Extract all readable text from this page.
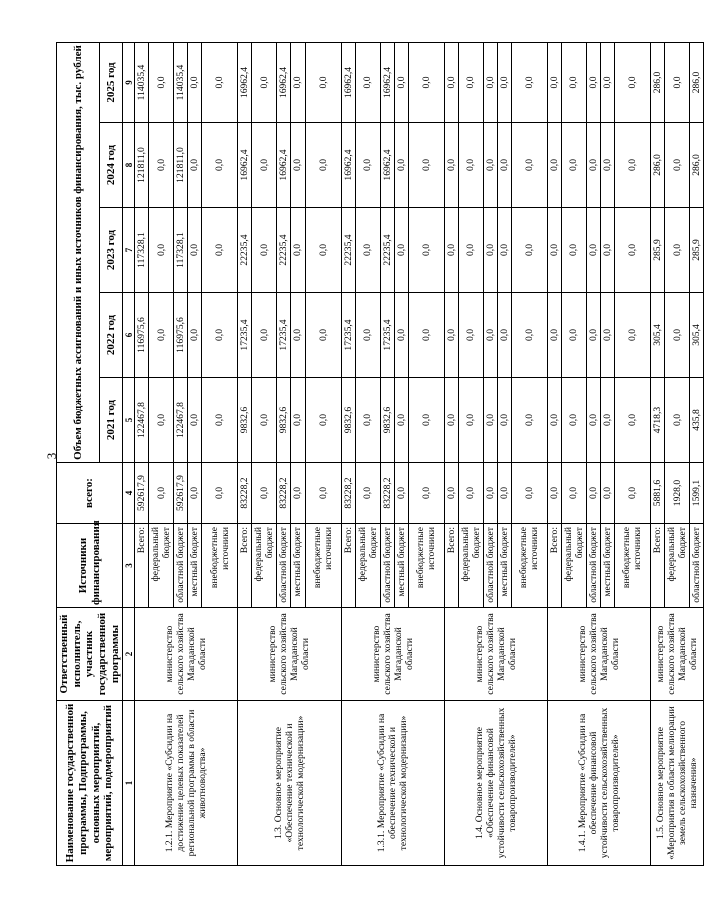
3
Наименование государственной программы, Подпрограммы, основных мероприятий, мероприятий, подмероприятий	Ответственный исполнитель, участник государственной программы	Источники финансирования	всего:	Объем бюджетных ассигнований и иных источников финансирования, тыс. рублей				
				2021 год	2022 год	2023 год	2024 год	2025 год
1	2	3	4	5	6	7	8	9
1.2.1. Мероприятие «Субсидии на достижение целевых показателей региональной программы в области животноводства»	министерство сельского хозяйства Магаданской области	Всего:	592617,9	122467,8	116975,6	117328,1	121811,0	114035,4
		федеральный бюджет	0,0	0,0	0,0	0,0	0,0	0,0
		областной бюджет	592617,9	122467,8	116975,6	117328,1	121811,0	114035,4
		местный бюджет	0,0	0,0	0,0	0,0	0,0	0,0
		внебюджетные источники	0,0	0,0	0,0	0,0	0,0	0,0
1.3. Основное мероприятие «Обеспечение технической и технологической модернизации»	министерство сельского хозяйства Магаданской области	Всего:	83228,2	9832,6	17235,4	22235,4	16962,4	16962,4
		федеральный бюджет	0,0	0,0	0,0	0,0	0,0	0,0
		областной бюджет	83228,2	9832,6	17235,4	22235,4	16962,4	16962,4
		местный бюджет	0,0	0,0	0,0	0,0	0,0	0,0
		внебюджетные источники	0,0	0,0	0,0	0,0	0,0	0,0
1.3.1. Мероприятие «Субсидии на обеспечение технической и технологической модернизации»	министерство сельского хозяйства Магаданской области	Всего:	83228,2	9832,6	17235,4	22235,4	16962,4	16962,4
		федеральный бюджет	0,0	0,0	0,0	0,0	0,0	0,0
		областной бюджет	83228,2	9832,6	17235,4	22235,4	16962,4	16962,4
		местный бюджет	0,0	0,0	0,0	0,0	0,0	0,0
		внебюджетные источники	0,0	0,0	0,0	0,0	0,0	0,0
1.4. Основное мероприятие «Обеспечение финансовой устойчивости сельскохозяйственных товаропроизводителей»	министерство сельского хозяйства Магаданской области	Всего:	0,0	0,0	0,0	0,0	0,0	0,0
		федеральный бюджет	0,0	0,0	0,0	0,0	0,0	0,0
		областной бюджет	0,0	0,0	0,0	0,0	0,0	0,0
		местный бюджет	0,0	0,0	0,0	0,0	0,0	0,0
		внебюджетные источники	0,0	0,0	0,0	0,0	0,0	0,0
1.4.1. Мероприятие «Субсидии на обеспечение финансовой устойчивости сельскохозяйственных товаропроизводителей»	министерство сельского хозяйства Магаданской области	Всего:	0,0	0,0	0,0	0,0	0,0	0,0
		федеральный бюджет	0,0	0,0	0,0	0,0	0,0	0,0
		областной бюджет	0,0	0,0	0,0	0,0	0,0	0,0
		местный бюджет	0,0	0,0	0,0	0,0	0,0	0,0
		внебюджетные источники	0,0	0,0	0,0	0,0	0,0	0,0
1.5. Основное мероприятие «Мероприятия в области мелиорации земель сельскохозяйственного назначения»	министерство сельского хозяйства Магаданской области	Всего:	5881,6	4718,3	305,4	285,9	286,0	286,0
		федеральный бюджет	1928,0	0,0	0,0	0,0	0,0	0,0
		областной бюджет	1599,1	435,8	305,4	285,9	286,0	286,0
